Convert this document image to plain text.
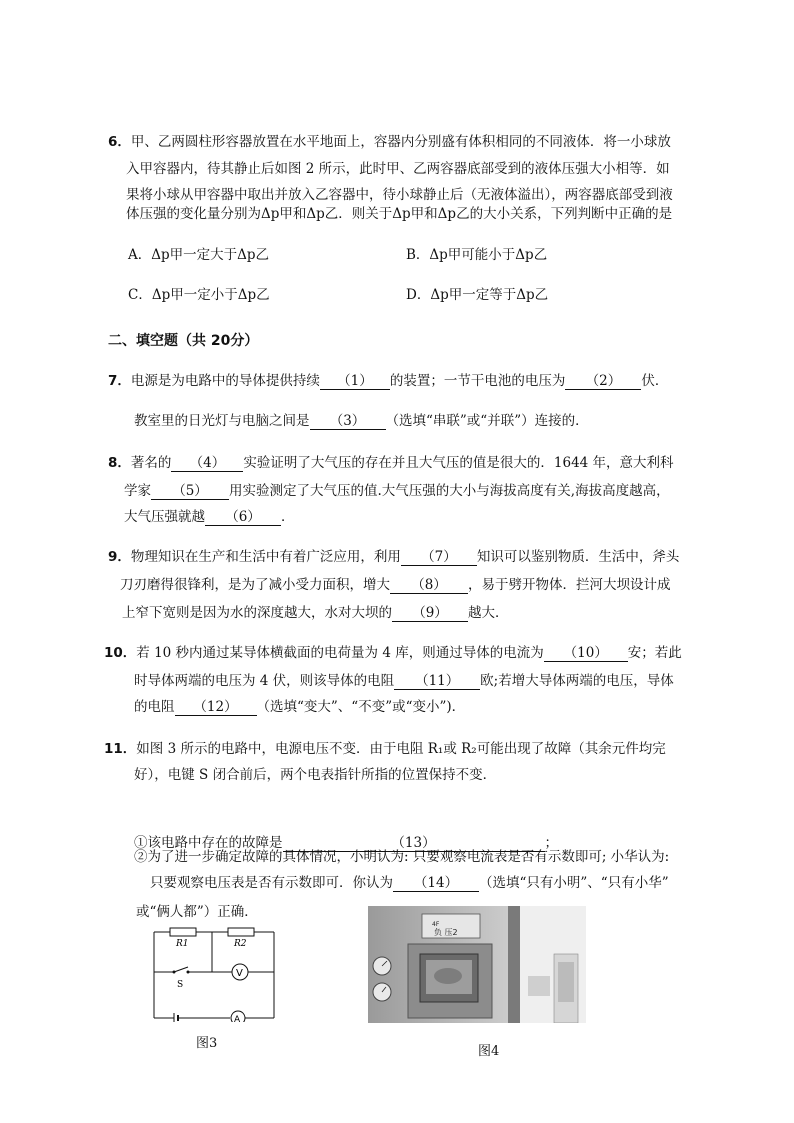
6．甲、乙两圆柱形容器放置在水平地面上，容器内分别盛有体积相同的不同液体．将一小球放
入甲容器内，待其静止后如图 2 所示，此时甲、乙两容器底部受到的液体压强大小相等．如
果将小球从甲容器中取出并放入乙容器中，待小球静止后（无液体溢出），两容器底部受到液
体压强的变化量分别为Δp甲和Δp乙．则关于Δp甲和Δp乙的大小关系，下列判断中正确的是
A．Δp甲一定大于Δp乙	B．Δp甲可能小于Δp乙
C．Δp甲一定小于Δp乙	D．Δp甲一定等于Δp乙
二、填空题（共 20分）
7．电源是为电路中的导体提供持续 （1） 的装置；一节干电池的电压为 （2） 伏．
教室里的日光灯与电脑之间是 （3） （选填“串联”或“并联”）连接的．
8．著名的 （4） 实验证明了大气压的存在并且大气压的值是很大的．1644 年，意大利科
学家 （5） 用实验测定了大气压的值.大气压强的大小与海拔高度有关,海拔高度越高，
大气压强就越 （6） ．
9．物理知识在生产和生活中有着广泛应用，利用 （7） 知识可以鉴别物质．生活中，斧头
刀刃磨得很锋利，是为了减小受力面积，增大 （8） ，易于劈开物体．拦河大坝设计成
上窄下宽则是因为水的深度越大，水对大坝的 （9） 越大．
10．若 10 秒内通过某导体横截面的电荷量为 4 库，则通过导体的电流为 （10） 安；若此
时导体两端的电压为 4 伏，则该导体的电阻 （11） 欧;若增大导体两端的电压，导体
的电阻 （12） （选填“变大”、“不变”或“变小”)．
11．如图 3 所示的电路中，电源电压不变．由于电阻 R₁或 R₂可能出现了故障（其余元件均完
好），电键 S 闭合前后，两个电表指针所指的位置保持不变．
①该电路中存在的故障是	（13）	；
②为了进一步确定故障的具体情况，小明认为: 只要观察电流表是否有示数即可; 小华认为:
只要观察电压表是否有示数即可．你认为 （14） （选填“只有小明”、“只有小华”
或“俩人都”）正确．
R1	R2
S
V
A
图3
4F
负 压2
图4
